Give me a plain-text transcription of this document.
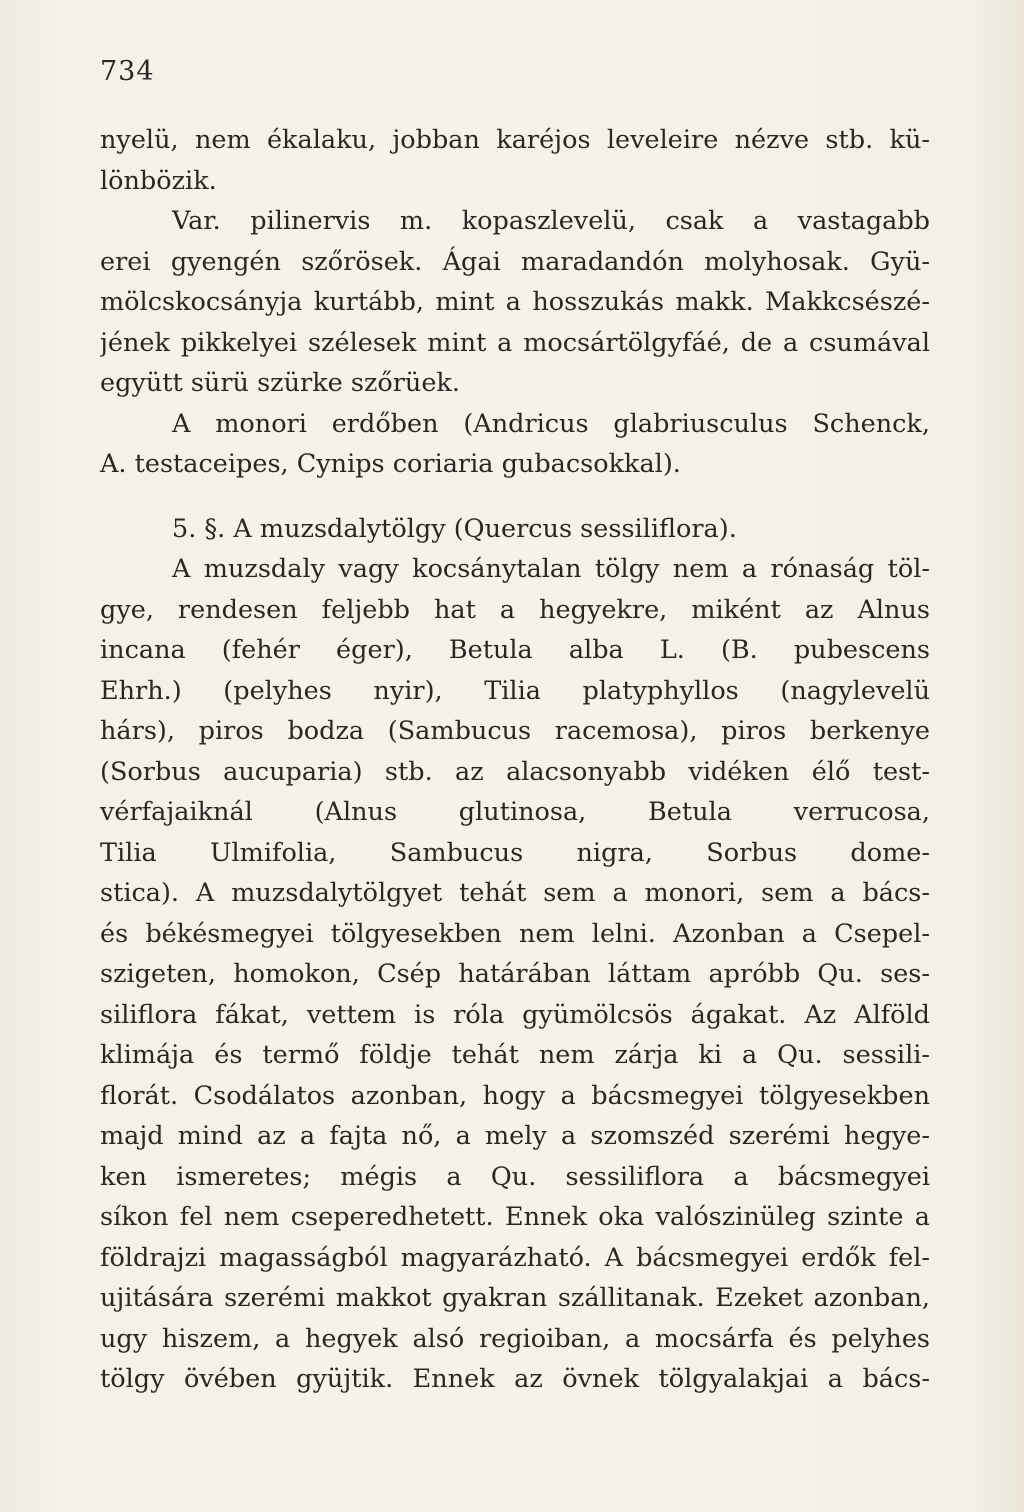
734
nyelü, nem ékalaku, jobban karéjos leveleire nézve stb. kü-
lönbözik.
Var. pilinervis m. kopaszlevelü, csak a vastagabb
erei gyengén szőrösek. Ágai maradandón molyhosak. Gyü-
mölcskocsányja kurtább, mint a hosszukás makk. Makkcsészé-
jének pikkelyei szélesek mint a mocsártölgyfáé, de a csumával
együtt sürü szürke szőrüek.
A monori erdőben (Andricus glabriusculus Schenck,
A. testaceipes, Cynips coriaria gubacsokkal).
5. §. A muzsdalytölgy (Quercus sessiliflora).
A muzsdaly vagy kocsánytalan tölgy nem a rónaság töl-
gye, rendesen feljebb hat a hegyekre, miként az Alnus
incana (fehér éger), Betula alba L. (B. pubescens
Ehrh.) (pelyhes nyir), Tilia platyphyllos (nagylevelü
hárs), piros bodza (Sambucus racemosa), piros berkenye
(Sorbus aucuparia) stb. az alacsonyabb vidéken élő test-
vérfajaiknál (Alnus glutinosa, Betula verrucosa,
Tilia Ulmifolia, Sambucus nigra, Sorbus dome-
stica). A muzsdalytölgyet tehát sem a monori, sem a bács-
és békésmegyei tölgyesekben nem lelni. Azonban a Csepel-
szigeten, homokon, Csép határában láttam apróbb Qu. ses-
siliflora fákat, vettem is róla gyümölcsös ágakat. Az Alföld
klimája és termő földje tehát nem zárja ki a Qu. sessili-
florát. Csodálatos azonban, hogy a bácsmegyei tölgyesekben
majd mind az a fajta nő, a mely a szomszéd szerémi hegye-
ken ismeretes; mégis a Qu. sessiliflora a bácsmegyei
síkon fel nem cseperedhetett. Ennek oka valószinüleg szinte a
földrajzi magasságból magyarázható. A bácsmegyei erdők fel-
ujitására szerémi makkot gyakran szállitanak. Ezeket azonban,
ugy hiszem, a hegyek alsó regioiban, a mocsárfa és pelyhes
tölgy övében gyüjtik. Ennek az övnek tölgyalakjai a bács-
